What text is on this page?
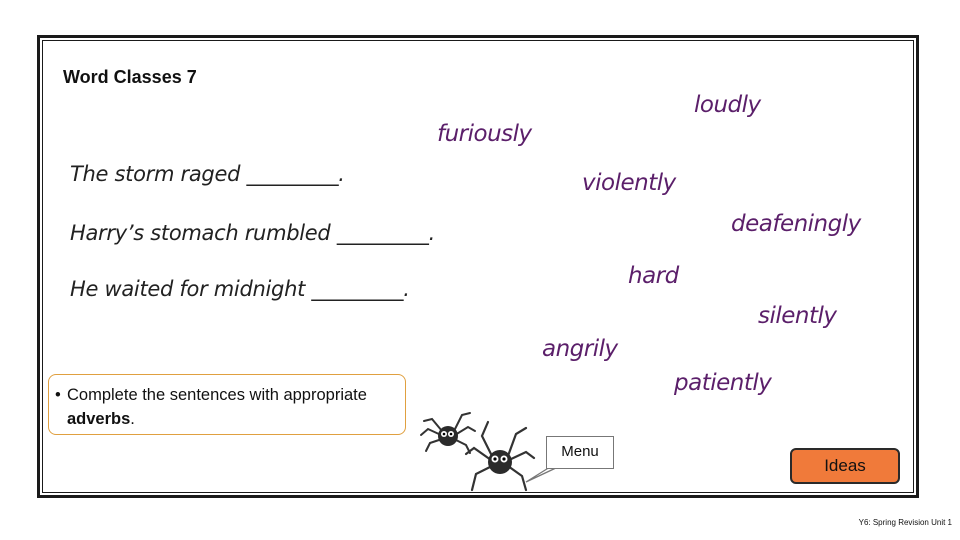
Word Classes 7
The storm raged _________.
Harry’s stomach rumbled _________.
He waited for midnight _________.
loudly
furiously
violently
deafeningly
hard
silently
angrily
patiently
• Complete the sentences with appropriate adverbs.
Menu
Ideas
Y6: Spring Revision Unit 1
